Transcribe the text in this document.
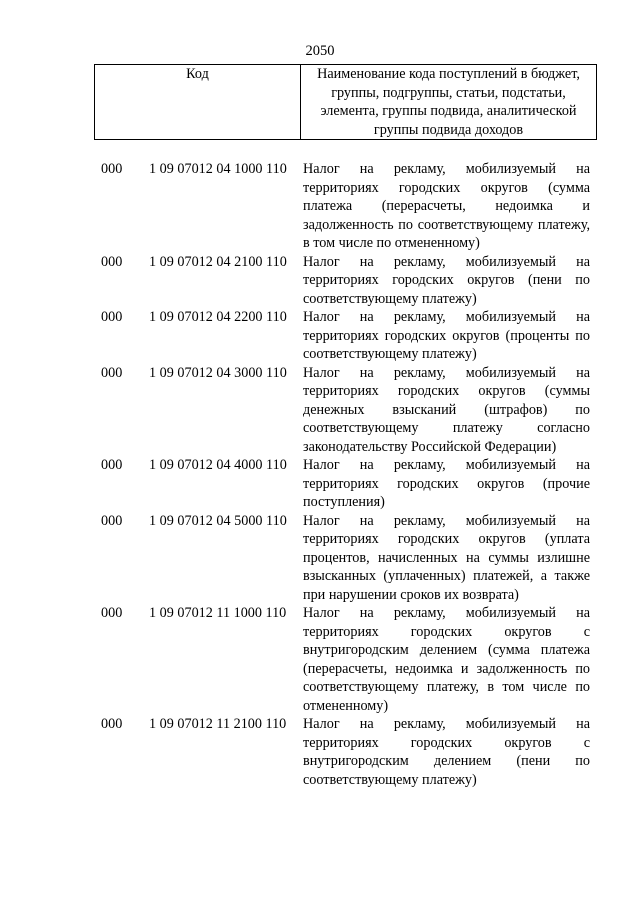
2050
Код	Наименование кода поступлений в бюджет, группы, подгруппы, статьи, подстатьи, элемента, группы подвида, аналитической группы подвида доходов
000	1 09 07012 04 1000 110	Налог на рекламу, мобилизуемый на территориях городских округов (сумма платежа (перерасчеты, недоимка и задолженность по соответствующему платежу, в том числе по отмененному)
000	1 09 07012 04 2100 110	Налог на рекламу, мобилизуемый на территориях городских округов (пени по соответствующему платежу)
000	1 09 07012 04 2200 110	Налог на рекламу, мобилизуемый на территориях городских округов (проценты по соответствующему платежу)
000	1 09 07012 04 3000 110	Налог на рекламу, мобилизуемый на территориях городских округов (суммы денежных взысканий (штрафов) по соответствующему платежу согласно законодательству Российской Федерации)
000	1 09 07012 04 4000 110	Налог на рекламу, мобилизуемый на территориях городских округов (прочие поступления)
000	1 09 07012 04 5000 110	Налог на рекламу, мобилизуемый на территориях городских округов (уплата процентов, начисленных на суммы излишне взысканных (уплаченных) платежей, а также при нарушении сроков их возврата)
000	1 09 07012 11 1000 110	Налог на рекламу, мобилизуемый на территориях городских округов с внутригородским делением (сумма платежа (перерасчеты, недоимка и задолженность по соответствующему платежу, в том числе по отмененному)
000	1 09 07012 11 2100 110	Налог на рекламу, мобилизуемый на территориях городских округов с внутригородским делением (пени по соответствующему платежу)
